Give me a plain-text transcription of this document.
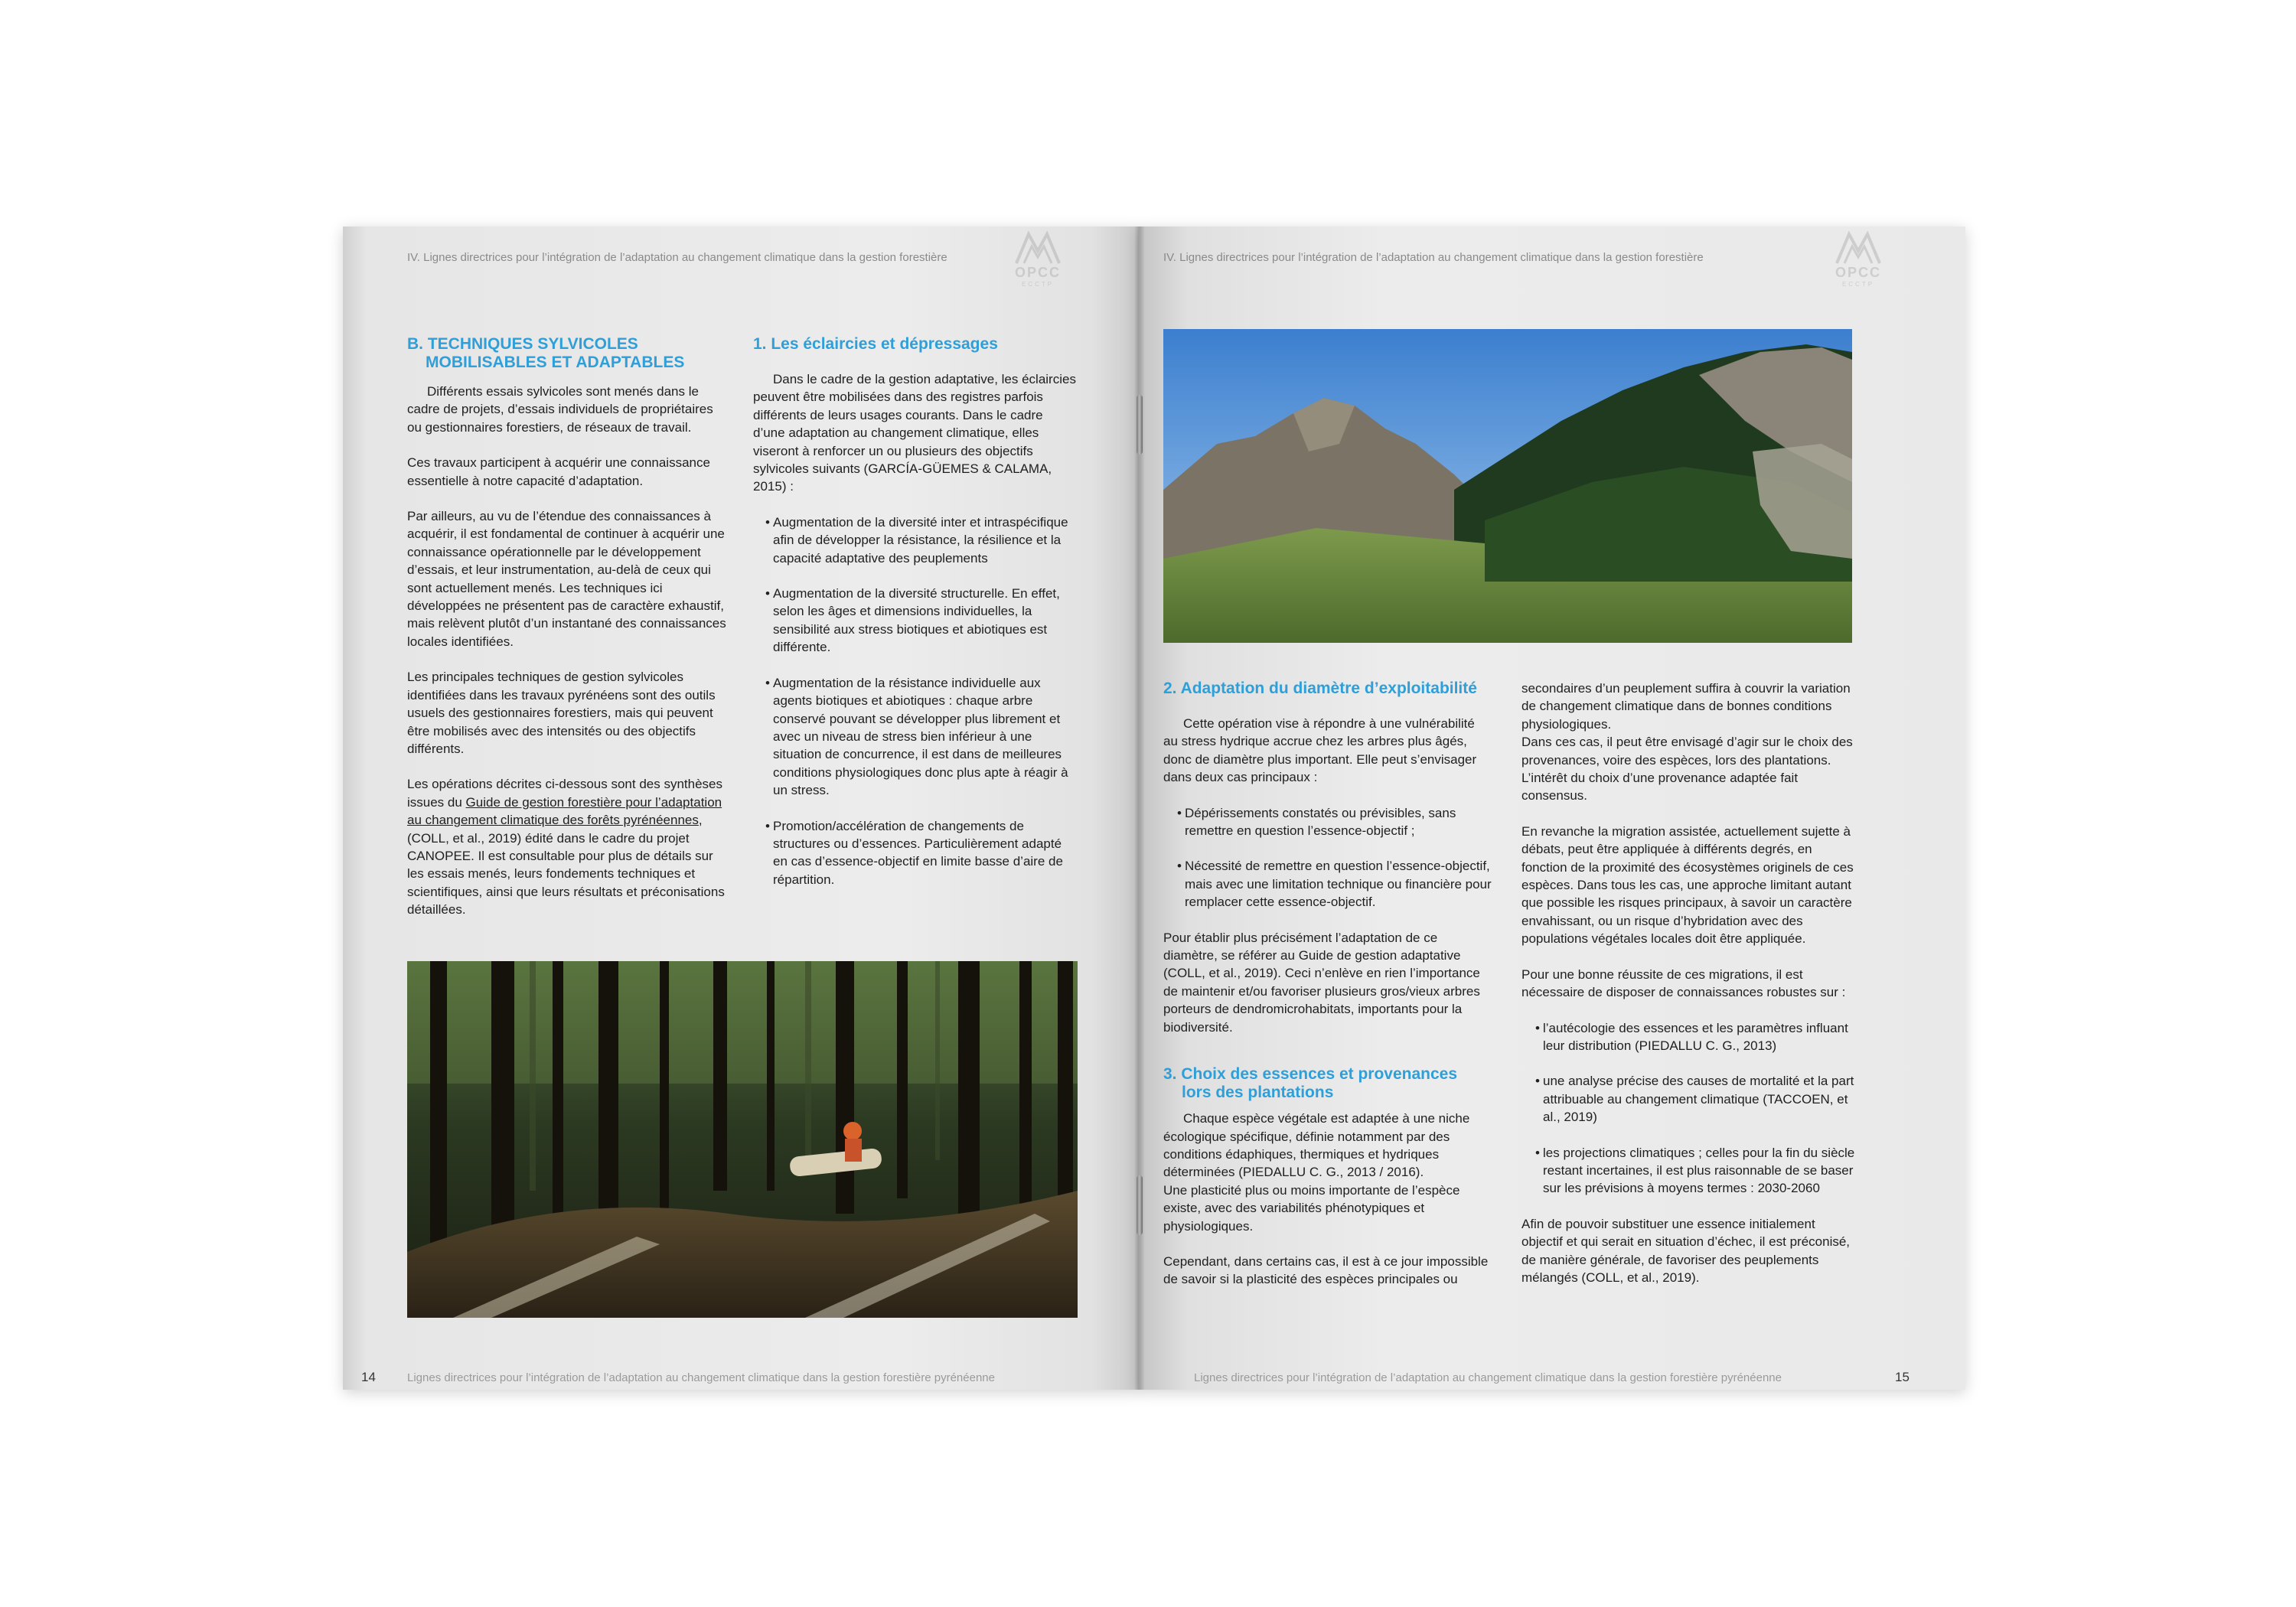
IV. Lignes directrices pour l’intégration de l’adaptation au changement climatique dans la gestion forestière
OPCC
ECCTP
B. TECHNIQUES SYLVICOLES
MOBILISABLES ET ADAPTABLES

Différents essais sylvicoles sont menés dans le cadre de projets, d’essais individuels de propriétaires ou gestionnaires forestiers, de réseaux de travail.

Ces travaux participent à acquérir une connaissance essentielle à notre capacité d’adaptation.

Par ailleurs, au vu de l’étendue des connaissances à acquérir, il est fondamental de continuer à acquérir une connaissance opérationnelle par le développement d’essais, et leur instrumentation, au-delà de ceux qui sont actuellement menés. Les techniques ici développées ne présentent pas de caractère exhaustif, mais relèvent plutôt d’un instantané des connaissances locales identifiées.

Les principales techniques de gestion sylvicoles identifiées dans les travaux pyrénéens sont des outils usuels des gestionnaires forestiers, mais qui peuvent être mobilisés avec des intensités ou des objectifs différents.

Les opérations décrites ci-dessous sont des synthèses issues du Guide de gestion forestière pour l’adaptation au changement climatique des forêts pyrénéennes, (COLL, et al., 2019) édité dans le cadre du projet CANOPEE. Il est consultable pour plus de détails sur les essais menés, leurs fondements techniques et scientifiques, ainsi que leurs résultats et préconisations détaillées.

1. Les éclaircies et dépressages

Dans le cadre de la gestion adaptative, les éclaircies peuvent être mobilisées dans des registres parfois différents de leurs usages courants. Dans le cadre d’une adaptation au changement climatique, elles viseront à renforcer un ou plusieurs des objectifs sylvicoles suivants (GARCÍA-GÜEMES & CALAMA, 2015) :

• Augmentation de la diversité inter et intraspécifique afin de développer la résistance, la résilience et la capacité adaptative des peuplements
• Augmentation de la diversité structurelle. En effet, selon les âges et dimensions individuelles, la sensibilité aux stress biotiques et abiotiques est différente.
• Augmentation de la résistance individuelle aux agents biotiques et abiotiques : chaque arbre conservé pouvant se développer plus librement et avec un niveau de stress bien inférieur à une situation de concurrence, il est dans de meilleures conditions physiologiques donc plus apte à réagir à un stress.
• Promotion/accélération de changements de structures ou d’essences. Particulièrement adapté en cas d’essence-objectif en limite basse d’aire de répartition.
14	Lignes directrices pour l’intégration de l’adaptation au changement climatique dans la gestion forestière pyrénéenne
IV. Lignes directrices pour l’intégration de l’adaptation au changement climatique dans la gestion forestière
OPCC
ECCTP
2. Adaptation du diamètre d’exploitabilité

Cette opération vise à répondre à une vulnérabilité au stress hydrique accrue chez les arbres plus âgés, donc de diamètre plus important. Elle peut s’envisager dans deux cas principaux :

• Dépérissements constatés ou prévisibles, sans remettre en question l’essence-objectif ;
• Nécessité de remettre en question l’essence-objectif, mais avec une limitation technique ou financière pour remplacer cette essence-objectif.

Pour établir plus précisément l’adaptation de ce diamètre, se référer au Guide de gestion adaptative (COLL, et al., 2019). Ceci n’enlève en rien l’importance de maintenir et/ou favoriser plusieurs gros/vieux arbres porteurs de dendromicrohabitats, importants pour la biodiversité.

3. Choix des essences et provenances
lors des plantations

Chaque espèce végétale est adaptée à une niche écologique spécifique, définie notamment par des conditions édaphiques, thermiques et hydriques déterminées (PIEDALLU C. G., 2013 / 2016).

Une plasticité plus ou moins importante de l’espèce existe, avec des variabilités phénotypiques et physiologiques.

Cependant, dans certains cas, il est à ce jour impossible de savoir si la plasticité des espèces principales ou

secondaires d’un peuplement suffira à couvrir la variation de changement climatique dans de bonnes conditions physiologiques.

Dans ces cas, il peut être envisagé d’agir sur le choix des provenances, voire des espèces, lors des plantations. L’intérêt du choix d’une provenance adaptée fait consensus.

En revanche la migration assistée, actuellement sujette à débats, peut être appliquée à différents degrés, en fonction de la proximité des écosystèmes originels de ces espèces. Dans tous les cas, une approche limitant autant que possible les risques principaux, à savoir un caractère envahissant, ou un risque d’hybridation avec des populations végétales locales doit être appliquée.

Pour une bonne réussite de ces migrations, il est nécessaire de disposer de connaissances robustes sur :

• l’autécologie des essences et les paramètres influant leur distribution (PIEDALLU C. G., 2013)
• une analyse précise des causes de mortalité et la part attribuable au changement climatique (TACCOEN, et al., 2019)
• les projections climatiques ; celles pour la fin du siècle restant incertaines, il est plus raisonnable de se baser sur les prévisions à moyens termes : 2030-2060

Afin de pouvoir substituer une essence initialement objectif et qui serait en situation d’échec, il est préconisé, de manière générale, de favoriser des peuplements mélangés (COLL, et al., 2019).

Lignes directrices pour l’intégration de l’adaptation au changement climatique dans la gestion forestière pyrénéenne	15
